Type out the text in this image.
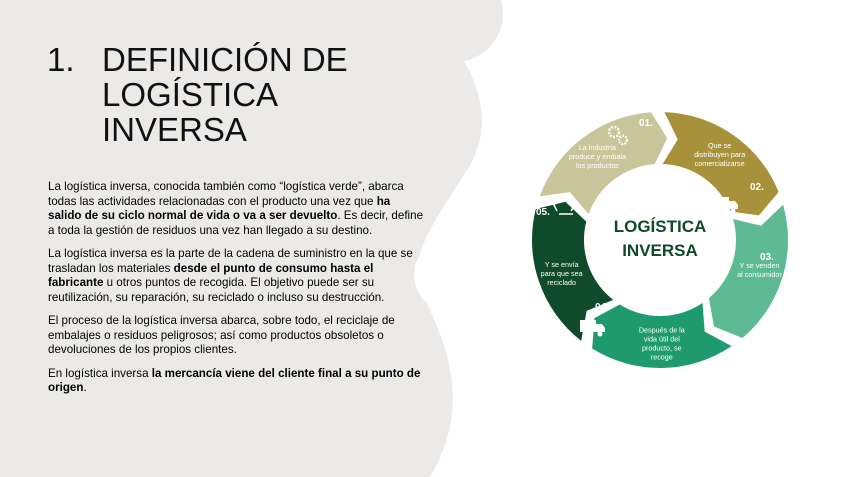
1. DEFINICIÓN DE LOGÍSTICA INVERSA

La logística inversa, conocida también como “logística verde”, abarca todas las actividades relacionadas con el producto una vez que ha salido de su ciclo normal de vida o va a ser devuelto. Es decir, define a toda la gestión de residuos una vez han llegado a su destino.

La logística inversa es la parte de la cadena de suministro en la que se trasladan los materiales desde el punto de consumo hasta el fabricante u otros puntos de recogida. El objetivo puede ser su reutilización, su reparación, su reciclado o incluso su destrucción.

El proceso de la logística inversa abarca, sobre todo, el reciclaje de embalajes o residuos peligrosos; así como productos obsoletos o devoluciones de los propios clientes.

En logística inversa la mercancía viene del cliente final a su punto de origen.

La industria produce y embala los productos
Que se distribuyen para comercializarse
Y se venden al consumidor
Después de la vida útil del producto, se recoge
Y se envía para que sea reciclado
01.
02.
03.
04.
05.
LOGÍSTICA
INVERSA
